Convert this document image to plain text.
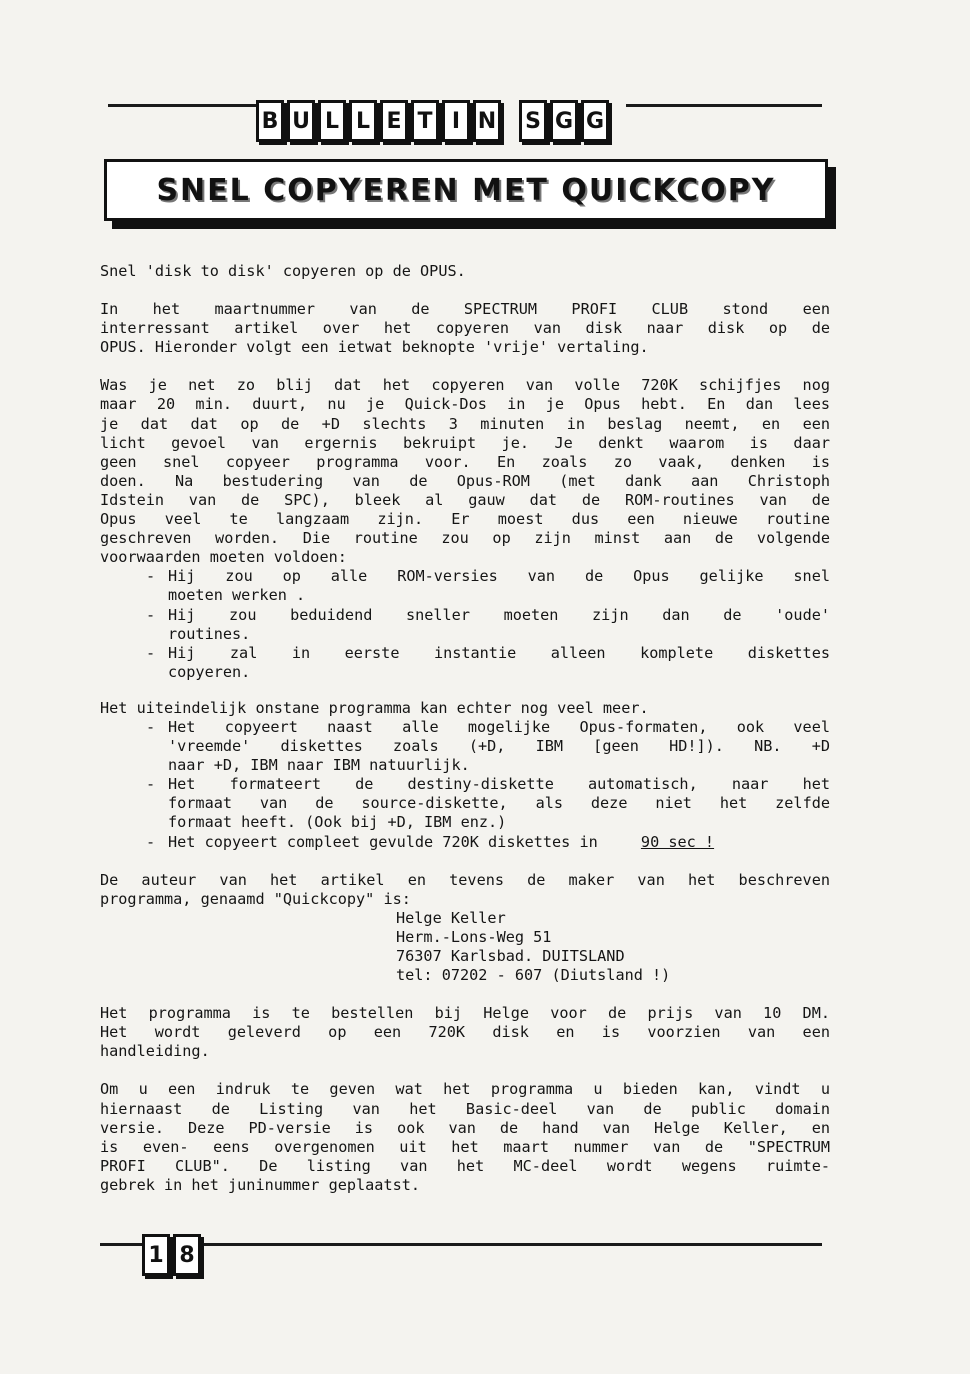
B U L L E T I N S G G
SNEL COPYEREN MET QUICKCOPY
Snel 'disk to disk' copyeren op de OPUS.
In het maartnummer van de SPECTRUM PROFI CLUB stond een
interressant artikel over het copyeren van disk naar disk op de
OPUS. Hieronder volgt een ietwat beknopte 'vrije' vertaling.
Was je net zo blij dat het copyeren van volle 720K schijfjes nog
maar 20 min. duurt, nu je Quick-Dos in je Opus hebt. En dan lees
je dat dat op de +D slechts 3 minuten in beslag neemt, en een
licht gevoel van ergernis bekruipt je. Je denkt waarom is daar
geen snel copyeer programma voor. En zoals zo vaak, denken is
doen. Na bestudering van de Opus-ROM (met dank aan Christoph
Idstein van de SPC), bleek al gauw dat de ROM-routines van de
Opus veel te langzaam zijn. Er moest dus een nieuwe routine
geschreven worden. Die routine zou op zijn minst aan de volgende
voorwaarden moeten voldoen:
- Hij zou op alle ROM-versies van de Opus gelijke snel
moeten werken .
- Hij zou beduidend sneller moeten zijn dan de 'oude'
routines.
- Hij zal in eerste instantie alleen komplete diskettes
copyeren.
Het uiteindelijk onstane programma kan echter nog veel meer.
- Het copyeert naast alle mogelijke Opus-formaten, ook veel
'vreemde' diskettes zoals (+D, IBM [geen HD!]). NB. +D
naar +D, IBM naar IBM natuurlijk.
- Het formateert de destiny-diskette automatisch, naar het
formaat van de source-diskette, als deze niet het zelfde
formaat heeft. (Ook bij +D, IBM enz.)
- Het copyeert compleet gevulde 720K diskettes in	90 sec !
De auteur van het artikel en tevens de maker van het beschreven
programma, genaamd "Quickcopy" is:
Helge Keller
Herm.-Lons-Weg 51
76307 Karlsbad. DUITSLAND
tel: 07202 - 607 (Diutsland !)
Het programma is te bestellen bij Helge voor de prijs van 10 DM.
Het wordt geleverd op een 720K disk en is voorzien van een
handleiding.
Om u een indruk te geven wat het programma u bieden kan, vindt u
hiernaast de Listing van het Basic-deel van de public domain
versie. Deze PD-versie is ook van de hand van Helge Keller, en
is even- eens overgenomen uit het maart nummer van de "SPECTRUM
PROFI CLUB". De listing van het MC-deel wordt wegens ruimte-
gebrek in het juninummer geplaatst.
1 8
